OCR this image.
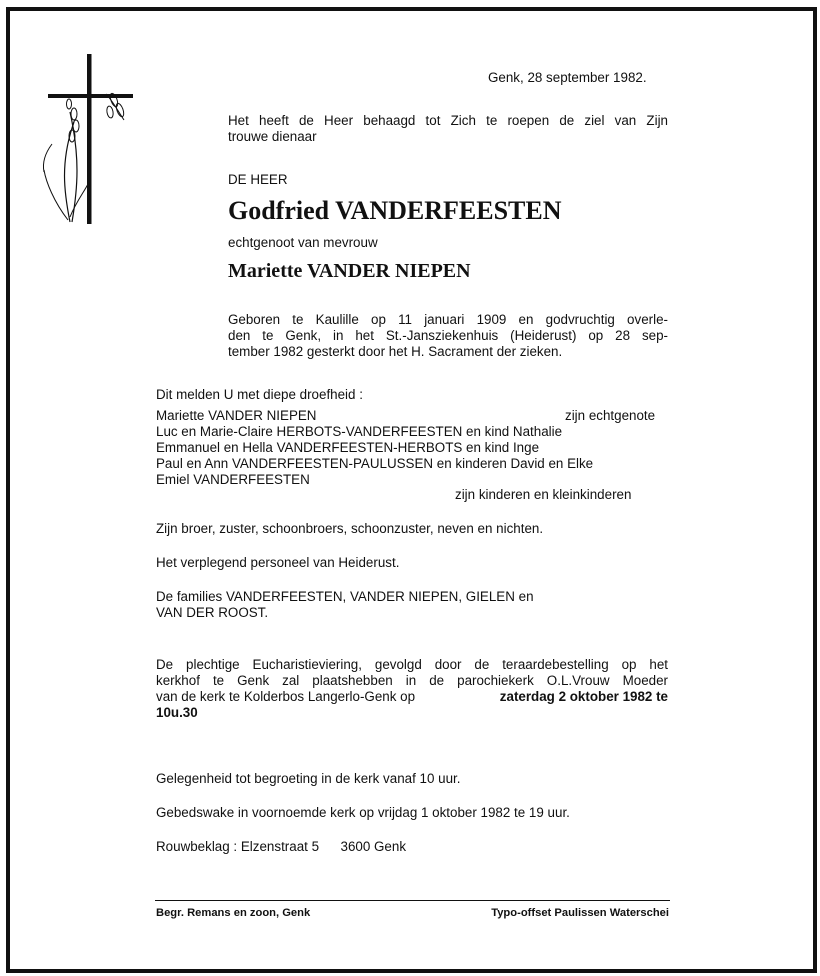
Genk, 28 september 1982.
Het heeft de Heer behaagd tot Zich te roepen de ziel van Zijn
trouwe dienaar
DE HEER
Godfried VANDERFEESTEN
echtgenoot van mevrouw
Mariette VANDER NIEPEN
Geboren te Kaulille op 11 januari 1909 en godvruchtig overle-
den te Genk, in het St.-Jansziekenhuis (Heiderust) op 28 sep-
tember 1982 gesterkt door het H. Sacrament der zieken.
Dit melden U met diepe droefheid :
Mariette VANDER NIEPEN	zijn echtgenote
Luc en Marie-Claire HERBOTS-VANDERFEESTEN en kind Nathalie
Emmanuel en Hella VANDERFEESTEN-HERBOTS en kind Inge
Paul en Ann VANDERFEESTEN-PAULUSSEN en kinderen David en Elke
Emiel VANDERFEESTEN
zijn kinderen en kleinkinderen
Zijn broer, zuster, schoonbroers, schoonzuster, neven en nichten.
Het verplegend personeel van Heiderust.
De families VANDERFEESTEN, VANDER NIEPEN, GIELEN en
VAN DER ROOST.
De plechtige Eucharistieviering, gevolgd door de teraardebestelling op het
kerkhof te Genk zal plaatshebben in de parochiekerk O.L.Vrouw Moeder
van de kerk te Kolderbos Langerlo-Genk op	zaterdag 2 oktober 1982 te
10u.30
Gelegenheid tot begroeting in de kerk vanaf 10 uur.
Gebedswake in voornoemde kerk op vrijdag 1 oktober 1982 te 19 uur.
Rouwbeklag : Elzenstraat 5 3600 Genk
Begr. Remans en zoon, Genk	Typo-offset Paulissen Waterschei
